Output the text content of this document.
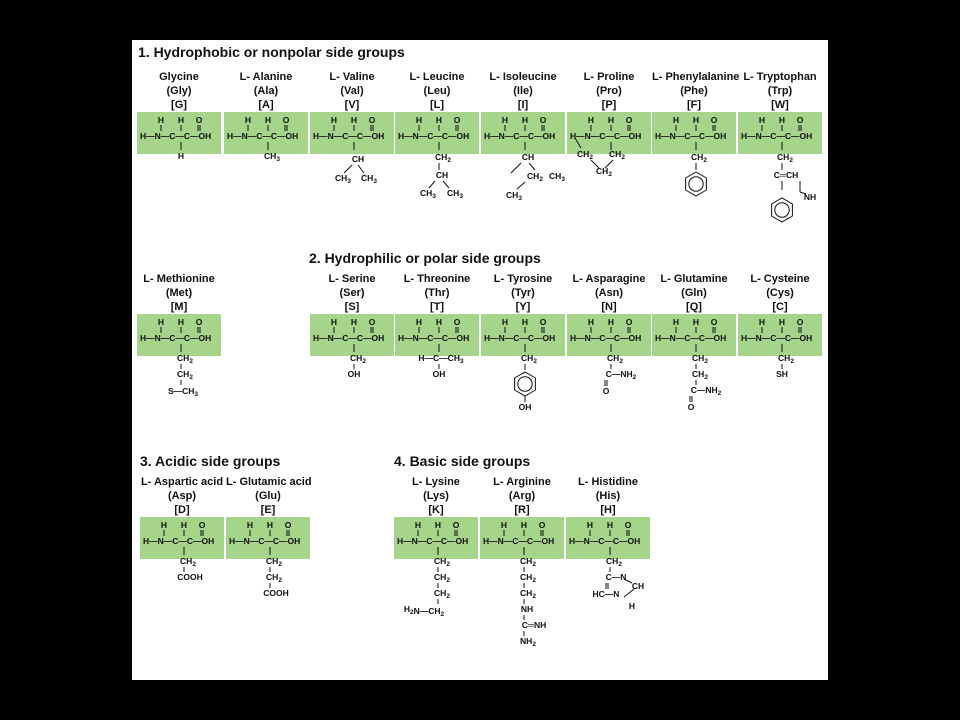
1. Hydrophobic or nonpolar side groups
2. Hydrophilic or polar side groups
3. Acidic side groups	4. Basic side groups
Glycine
(Gly)
[G]
H H O
H—N—C—C—OH
H
L- Alanine
(Ala)
[A]
H H O
H—N—C—C—OH
$CH_3$
L- Valine
(Val)
[V]
H H O
H—N—C—C—OH
CH
$CH_3$ $CH_3$
L- Leucine
(Leu)
[L]
H H O
H—N—C—C—OH
$CH_2$
CH
$CH_3$ $CH_3$
L- Isoleucine
(Ile)
[I]
H H O
H—N—C—C—OH
CH
$CH_2$ $CH_3$
$CH_3$
L- Proline
(Pro)
[P]
H H O
H—N—C—C—OH
$CH_2$ $CH_2$
$CH_2$
L- Phenylalanine
(Phe)
[F]
H H O
H—N—C—C—OH
$CH_2$
L- Tryptophan
(Trp)
[W]
H H O
H—N—C—C—OH
$CH_2$
C═CH
NH
L- Methionine
(Met)
[M]
H H O
H—N—C—C—OH
$CH_2$
$CH_2$
$S—CH_3$
L- Serine
(Ser)
[S]
H H O
H—N—C—C—OH
$CH_2$
OH
L- Threonine
(Thr)
[T]
H H O
H—N—C—C—OH
$H—C—CH_3$
OH
L- Tyrosine
(Tyr)
[Y]
H H O
H—N—C—C—OH
$CH_2$
OH
L- Asparagine
(Asn)
[N]
H H O
H—N—C—C—OH
$CH_2$
$C—NH_2$
O
L- Glutamine
(Gln)
[Q]
H H O
H—N—C—C—OH
$CH_2$
$CH_2$
$C—NH_2$
O
L- Cysteine
(Cys)
[C]
H H O
H—N—C—C—OH
$CH_2$
SH
L- Aspartic acid
(Asp)
[D]
H H O
H—N—C—C—OH
$CH_2$
COOH
L- Glutamic acid
(Glu)
[E]
H H O
H—N—C—C—OH
$CH_2$
$CH_2$
COOH
L- Lysine
(Lys)
[K]
H H O
H—N—C—C—OH
$CH_2$
$CH_2$
$CH_2$
$H_2N—CH_2$
L- Arginine
(Arg)
[R]
H H O
H—N—C—C—OH
$CH_2$
$CH_2$
$CH_2$
NH
C═NH
$NH_2$
L- Histidine
(His)
[H]
H H O
H—N—C—C—OH
$CH_2$
C—N
CH
HC—N
H
